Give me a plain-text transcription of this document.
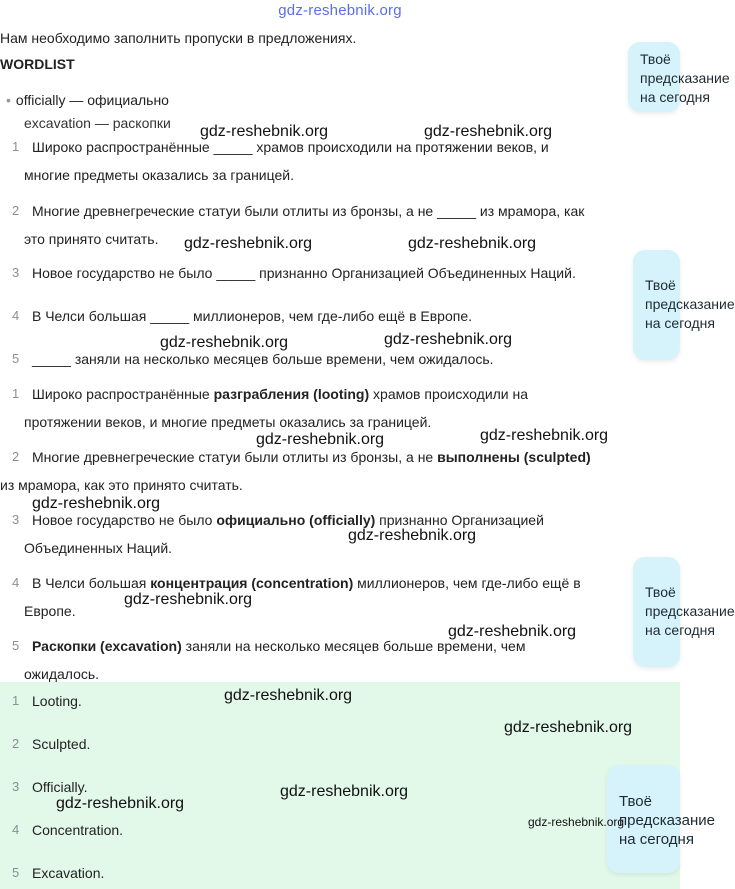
gdz-reshebnik.org
Нам необходимо заполнить пропуски в предложениях.
WORDLIST
• officially — официально
excavation — раскопки
1 Широко распространённые _____ храмов происходили на протяжении веков, и
многие предметы оказались за границей.
2 Многие древнегреческие статуи были отлиты из бронзы, а не _____ из мрамора, как
это принято считать.
3 Новое государство не было _____ признанно Организацией Объединенных Наций.
4 В Челси большая _____ миллионеров, чем где-либо ещё в Европе.
5 _____ заняли на несколько месяцев больше времени, чем ожидалось.
1 Широко распространённые разграбления (looting) храмов происходили на
протяжении веков, и многие предметы оказались за границей.
2 Многие древнегреческие статуи были отлиты из бронзы, а не выполнены (sculpted)
из мрамора, как это принято считать.
3 Новое государство не было официально (officially) признанно Организацией
Объединенных Наций.
4 В Челси большая концентрация (concentration) миллионеров, чем где-либо ещё в
Европе.
5 Раскопки (excavation) заняли на несколько месяцев больше времени, чем
ожидалось.
1 Looting.
2 Sculpted.
3 Officially.
4 Concentration.
5 Excavation.
Твоё
предсказание
на сегодня
Твоё
предсказание
на сегодня
Твоё
предсказание
на сегодня
Твоё
предсказание
на сегодня
gdz-reshebnik.org	gdz-reshebnik.org
gdz-reshebnik.org	gdz-reshebnik.org
gdz-reshebnik.org	gdz-reshebnik.org
gdz-reshebnik.org	gdz-reshebnik.org
gdz-reshebnik.org
gdz-reshebnik.org
gdz-reshebnik.org
gdz-reshebnik.org
gdz-reshebnik.org
gdz-reshebnik.org
gdz-reshebnik.org
gdz-reshebnik.org
gdz-reshebnik.org
